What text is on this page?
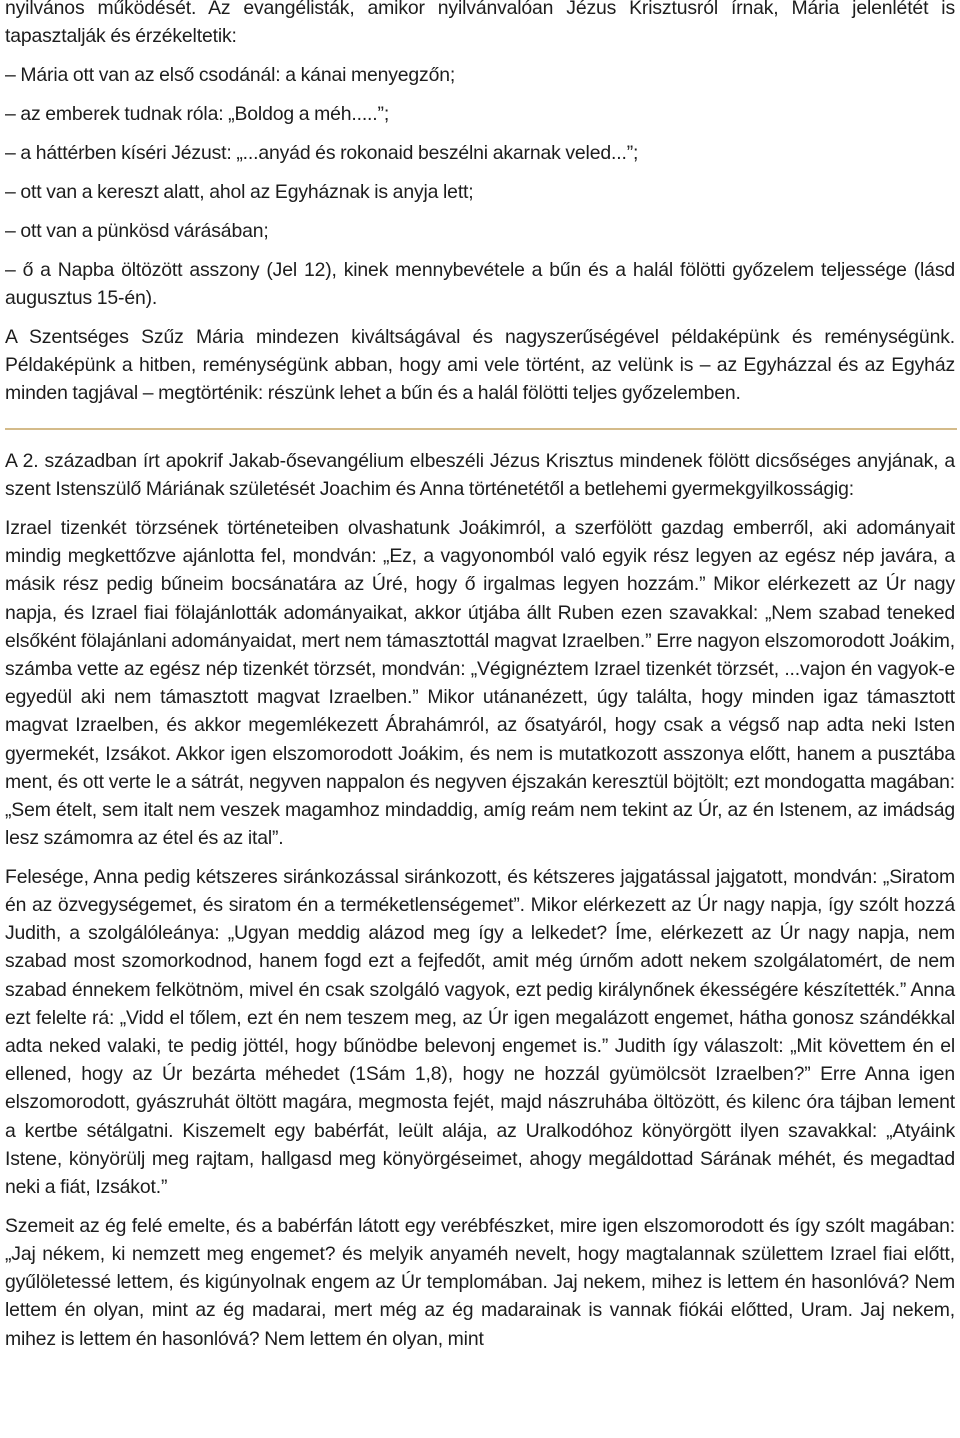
nyilvános működését. Az evangélisták, amikor nyilvánvalóan Jézus Krisztusról írnak, Mária jelenlétét is tapasztalják és érzékeltetik:

– Mária ott van az első csodánál: a kánai menyegzőn;

– az emberek tudnak róla: „Boldog a méh.....”;

– a háttérben kíséri Jézust: „...anyád és rokonaid beszélni akarnak veled...”;

– ott van a kereszt alatt, ahol az Egyháznak is anyja lett;

– ott van a pünkösd várásában;

– ő a Napba öltözött asszony (Jel 12), kinek mennybevétele a bűn és a halál fölötti győzelem teljessége (lásd augusztus 15-én).

A Szentséges Szűz Mária mindezen kiváltságával és nagyszerűségével példaképünk és reménységünk. Példaképünk a hitben, reménységünk abban, hogy ami vele történt, az velünk is – az Egyházzal és az Egyház minden tagjával – megtörténik: részünk lehet a bűn és a halál fölötti teljes győzelemben.

A 2. században írt apokrif Jakab-ősevangélium elbeszéli Jézus Krisztus mindenek fölött dicsőséges anyjának, a szent Istenszülő Máriának születését Joachim és Anna történetétől a betlehemi gyermekgyilkosságig:

Izrael tizenkét törzsének történeteiben olvashatunk Joákimról, a szerfölött gazdag emberről, aki adományait mindig megkettőzve ajánlotta fel, mondván: „Ez, a vagyonomból való egyik rész legyen az egész nép javára, a másik rész pedig bűneim bocsánatára az Úré, hogy ő irgalmas legyen hozzám.” Mikor elérkezett az Úr nagy napja, és Izrael fiai fölajánlották adományaikat, akkor útjába állt Ruben ezen szavakkal: „Nem szabad teneked elsőként fölajánlani adományaidat, mert nem támasztottál magvat Izraelben.” Erre nagyon elszomorodott Joákim, számba vette az egész nép tizenkét törzsét, mondván: „Végignéztem Izrael tizenkét törzsét, ...vajon én vagyok-e egyedül aki nem támasztott magvat Izraelben.” Mikor utánanézett, úgy találta, hogy minden igaz támasztott magvat Izraelben, és akkor megemlékezett Ábrahámról, az ősatyáról, hogy csak a végső nap adta neki Isten gyermekét, Izsákot. Akkor igen elszomorodott Joákim, és nem is mutatkozott asszonya előtt, hanem a pusztába ment, és ott verte le a sátrát, negyven nappalon és negyven éjszakán keresztül böjtölt; ezt mondogatta magában: „Sem ételt, sem italt nem veszek magamhoz mindaddig, amíg reám nem tekint az Úr, az én Istenem, az imádság lesz számomra az étel és az ital”.

Felesége, Anna pedig kétszeres siránkozással siránkozott, és kétszeres jajgatással jajgatott, mondván: „Siratom én az özvegységemet, és siratom én a terméketlenségemet”. Mikor elérkezett az Úr nagy napja, így szólt hozzá Judith, a szolgálóleánya: „Ugyan meddig alázod meg így a lelkedet? Íme, elérkezett az Úr nagy napja, nem szabad most szomorkodnod, hanem fogd ezt a fejfedőt, amit még úrnőm adott nekem szolgálatomért, de nem szabad énnekem felkötnöm, mivel én csak szolgáló vagyok, ezt pedig királynőnek ékességére készítették.” Anna ezt felelte rá: „Vidd el tőlem, ezt én nem teszem meg, az Úr igen megalázott engemet, hátha gonosz szándékkal adta neked valaki, te pedig jöttél, hogy bűnödbe belevonj engemet is.” Judith így válaszolt: „Mit követtem én el ellened, hogy az Úr bezárta méhedet (1Sám 1,8), hogy ne hozzál gyümölcsöt Izraelben?” Erre Anna igen elszomorodott, gyászruhát öltött magára, megmosta fejét, majd nászruhába öltözött, és kilenc óra tájban lement a kertbe sétálgatni. Kiszemelt egy babérfát, leült alája, az Uralkodóhoz könyörgött ilyen szavakkal: „Atyáink Istene, könyörülj meg rajtam, hallgasd meg könyörgéseimet, ahogy megáldottad Sárának méhét, és megadtad neki a fiát, Izsákot.”

Szemeit az ég felé emelte, és a babérfán látott egy verébfészket, mire igen elszomorodott és így szólt magában: „Jaj nékem, ki nemzett meg engemet? és melyik anyaméh nevelt, hogy magtalannak születtem Izrael fiai előtt, gyűlöletessé lettem, és kigúnyolnak engem az Úr templomában. Jaj nekem, mihez is lettem én hasonlóvá? Nem lettem én olyan, mint az ég madarai, mert még az ég madarainak is vannak fiókái előtted, Uram. Jaj nekem, mihez is lettem én hasonlóvá? Nem lettem én olyan, mint
